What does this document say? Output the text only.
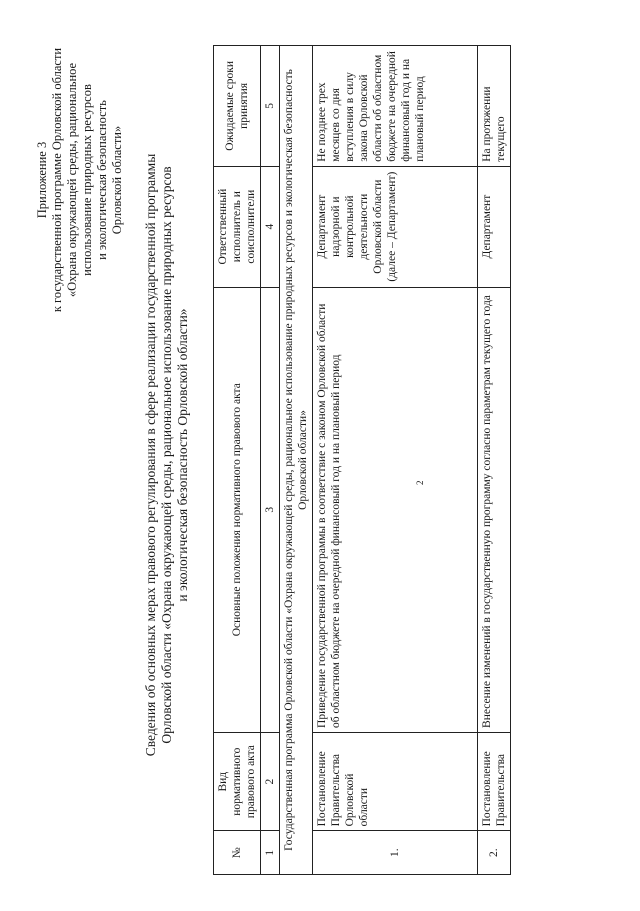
Приложение 3 к государственной программе Орловской области «Охрана окружающей среды, рациональное использование природных ресурсов и экологическая безопасность Орловской области» Сведения об основных мерах правового регулирования в сфере реализации государственной программы Орловской области «Охрана окружающей среды, рациональное использование природных ресурсов и экологическая безопасность Орловской области»
№	Вид нормативного правового акта	Основные положения нормативного правового акта	Ответственный исполнитель и соисполнители	Ожидаемые сроки принятия
1	2	3	4	5
Государственная программа Орловской области «Охрана окружающей среды, рациональное использование природных ресурсов и экологическая безопасность Орловской области»				
1.	Постановление Правительства Орловской области	Приведение государственной программы в соответствие с законом Орловской области об областном бюджете на очередной финансовый год и на плановый период	Департамент надзорной и контрольной деятельности Орловской области (далее – Департамент)	Не позднее трех месяцев со дня вступления в силу закона Орловской области об областном бюджете на очередной финансовый год и на плановый период
2.	Постановление Правительства	Внесение изменений в государственную программу согласно параметрам текущего года	Департамент	На протяжении текущего
2
